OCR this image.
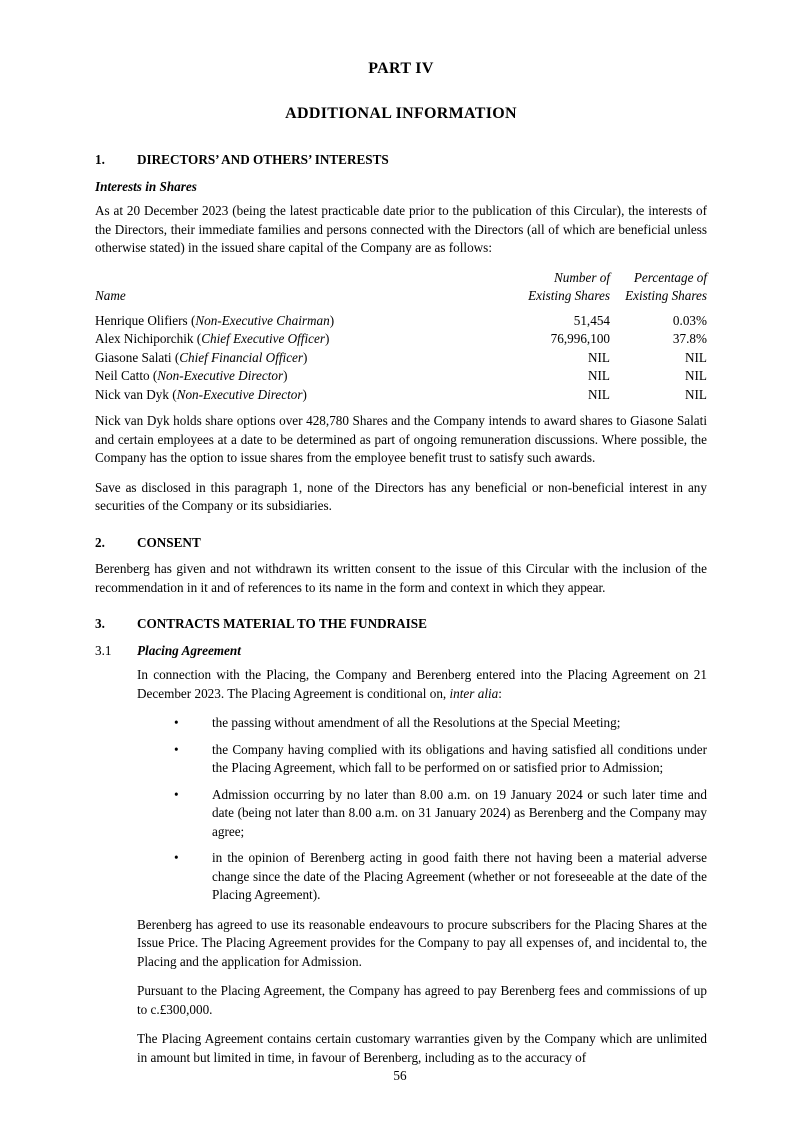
PART IV
ADDITIONAL INFORMATION
1.	DIRECTORS’ AND OTHERS’ INTERESTS

Interests in Shares

As at 20 December 2023 (being the latest practicable date prior to the publication of this Circular), the interests of the Directors, their immediate families and persons connected with the Directors (all of which are beneficial unless otherwise stated) in the issued share capital of the Company are as follows:

Number of	Percentage of
Name	Existing Shares	Existing Shares
Henrique Olifiers (Non-Executive Chairman)	51,454	0.03%
Alex Nichiporchik (Chief Executive Officer)	76,996,100	37.8%
Giasone Salati (Chief Financial Officer)	NIL	NIL
Neil Catto (Non-Executive Director)	NIL	NIL
Nick van Dyk (Non-Executive Director)	NIL	NIL

Nick van Dyk holds share options over 428,780 Shares and the Company intends to award shares to Giasone Salati and certain employees at a date to be determined as part of ongoing remuneration discussions. Where possible, the Company has the option to issue shares from the employee benefit trust to satisfy such awards.

Save as disclosed in this paragraph 1, none of the Directors has any beneficial or non-beneficial interest in any securities of the Company or its subsidiaries.

2.	CONSENT

Berenberg has given and not withdrawn its written consent to the issue of this Circular with the inclusion of the recommendation in it and of references to its name in the form and context in which they appear.

3.	CONTRACTS MATERIAL TO THE FUNDRAISE
3.1	Placing Agreement

In connection with the Placing, the Company and Berenberg entered into the Placing Agreement on 21 December 2023. The Placing Agreement is conditional on, inter alia:

•	the passing without amendment of all the Resolutions at the Special Meeting;
•	the Company having complied with its obligations and having satisfied all conditions under the Placing Agreement, which fall to be performed on or satisfied prior to Admission;
•	Admission occurring by no later than 8.00 a.m. on 19 January 2024 or such later time and date (being not later than 8.00 a.m. on 31 January 2024) as Berenberg and the Company may agree;
•	in the opinion of Berenberg acting in good faith there not having been a material adverse change since the date of the Placing Agreement (whether or not foreseeable at the date of the Placing Agreement).

Berenberg has agreed to use its reasonable endeavours to procure subscribers for the Placing Shares at the Issue Price. The Placing Agreement provides for the Company to pay all expenses of, and incidental to, the Placing and the application for Admission.

Pursuant to the Placing Agreement, the Company has agreed to pay Berenberg fees and commissions of up to c.£300,000.

The Placing Agreement contains certain customary warranties given by the Company which are unlimited in amount but limited in time, in favour of Berenberg, including as to the accuracy of

56
